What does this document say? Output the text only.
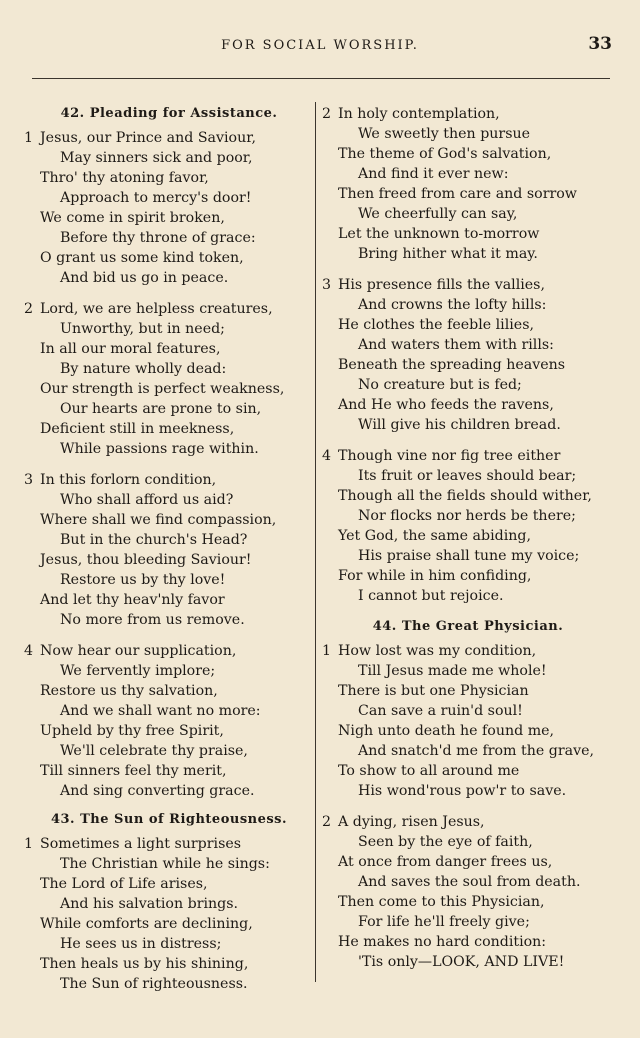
FOR SOCIAL WORSHIP.	33
42. Pleading for Assistance.
1 Jesus, our Prince and Saviour,
May sinners sick and poor,
Thro' thy atoning favor,
Approach to mercy's door!
We come in spirit broken,
Before thy throne of grace:
O grant us some kind token,
And bid us go in peace.
2 Lord, we are helpless creatures,
Unworthy, but in need;
In all our moral features,
By nature wholly dead:
Our strength is perfect weakness,
Our hearts are prone to sin,
Deficient still in meekness,
While passions rage within.
3 In this forlorn condition,
Who shall afford us aid?
Where shall we find compassion,
But in the church's Head?
Jesus, thou bleeding Saviour!
Restore us by thy love!
And let thy heav'nly favor
No more from us remove.
4 Now hear our supplication,
We fervently implore;
Restore us thy salvation,
And we shall want no more:
Upheld by thy free Spirit,
We'll celebrate thy praise,
Till sinners feel thy merit,
And sing converting grace.
43. The Sun of Righteousness.
1 Sometimes a light surprises
The Christian while he sings:
The Lord of Life arises,
And his salvation brings.
While comforts are declining,
He sees us in distress;
Then heals us by his shining,
The Sun of righteousness.
2 In holy contemplation,
We sweetly then pursue
The theme of God's salvation,
And find it ever new:
Then freed from care and sorrow
We cheerfully can say,
Let the unknown to-morrow
Bring hither what it may.
3 His presence fills the vallies,
And crowns the lofty hills:
He clothes the feeble lilies,
And waters them with rills:
Beneath the spreading heavens
No creature but is fed;
And He who feeds the ravens,
Will give his children bread.
4 Though vine nor fig tree either
Its fruit or leaves should bear;
Though all the fields should wither,
Nor flocks nor herds be there;
Yet God, the same abiding,
His praise shall tune my voice;
For while in him confiding,
I cannot but rejoice.
44. The Great Physician.
1 How lost was my condition,
Till Jesus made me whole!
There is but one Physician
Can save a ruin'd soul!
Nigh unto death he found me,
And snatch'd me from the grave,
To show to all around me
His wond'rous pow'r to save.
2 A dying, risen Jesus,
Seen by the eye of faith,
At once from danger frees us,
And saves the soul from death.
Then come to this Physician,
For life he'll freely give;
He makes no hard condition:
'Tis only—LOOK, AND LIVE!
